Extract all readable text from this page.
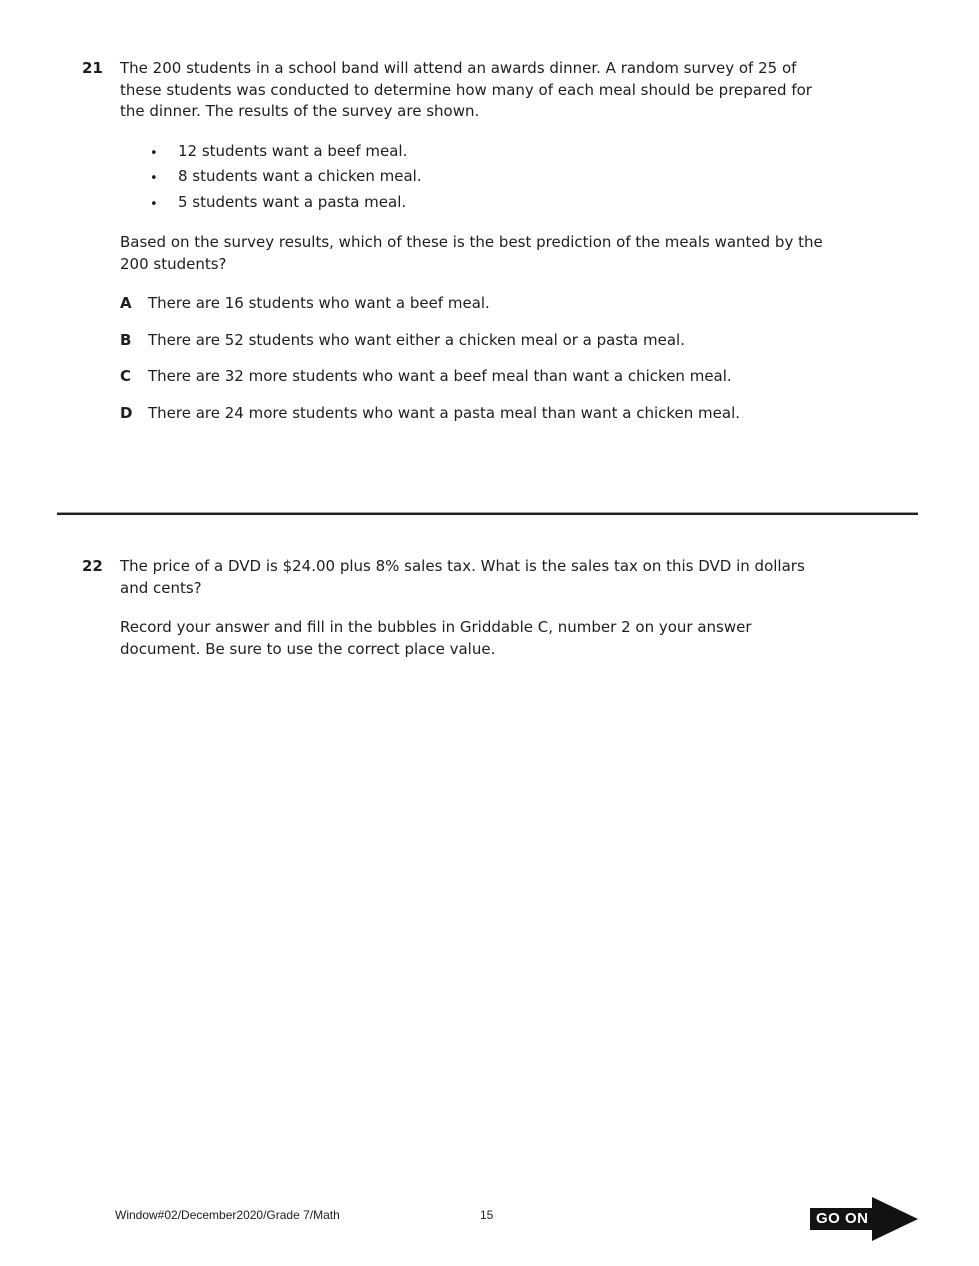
21	The 200 students in a school band will attend an awards dinner. A random survey of 25 of
these students was conducted to determine how many of each meal should be prepared for
the dinner. The results of the survey are shown.
•	12 students want a beef meal.
•	8 students want a chicken meal.
•	5 students want a pasta meal.
Based on the survey results, which of these is the best prediction of the meals wanted by the
200 students?
A	There are 16 students who want a beef meal.
B	There are 52 students who want either a chicken meal or a pasta meal.
C	There are 32 more students who want a beef meal than want a chicken meal.
D	There are 24 more students who want a pasta meal than want a chicken meal.
22	The price of a DVD is $24.00 plus 8% sales tax. What is the sales tax on this DVD in dollars
and cents?
Record your answer and fill in the bubbles in Griddable C, number 2 on your answer
document. Be sure to use the correct place value.
Window#02/December2020/Grade 7/Math	15	GO ON
